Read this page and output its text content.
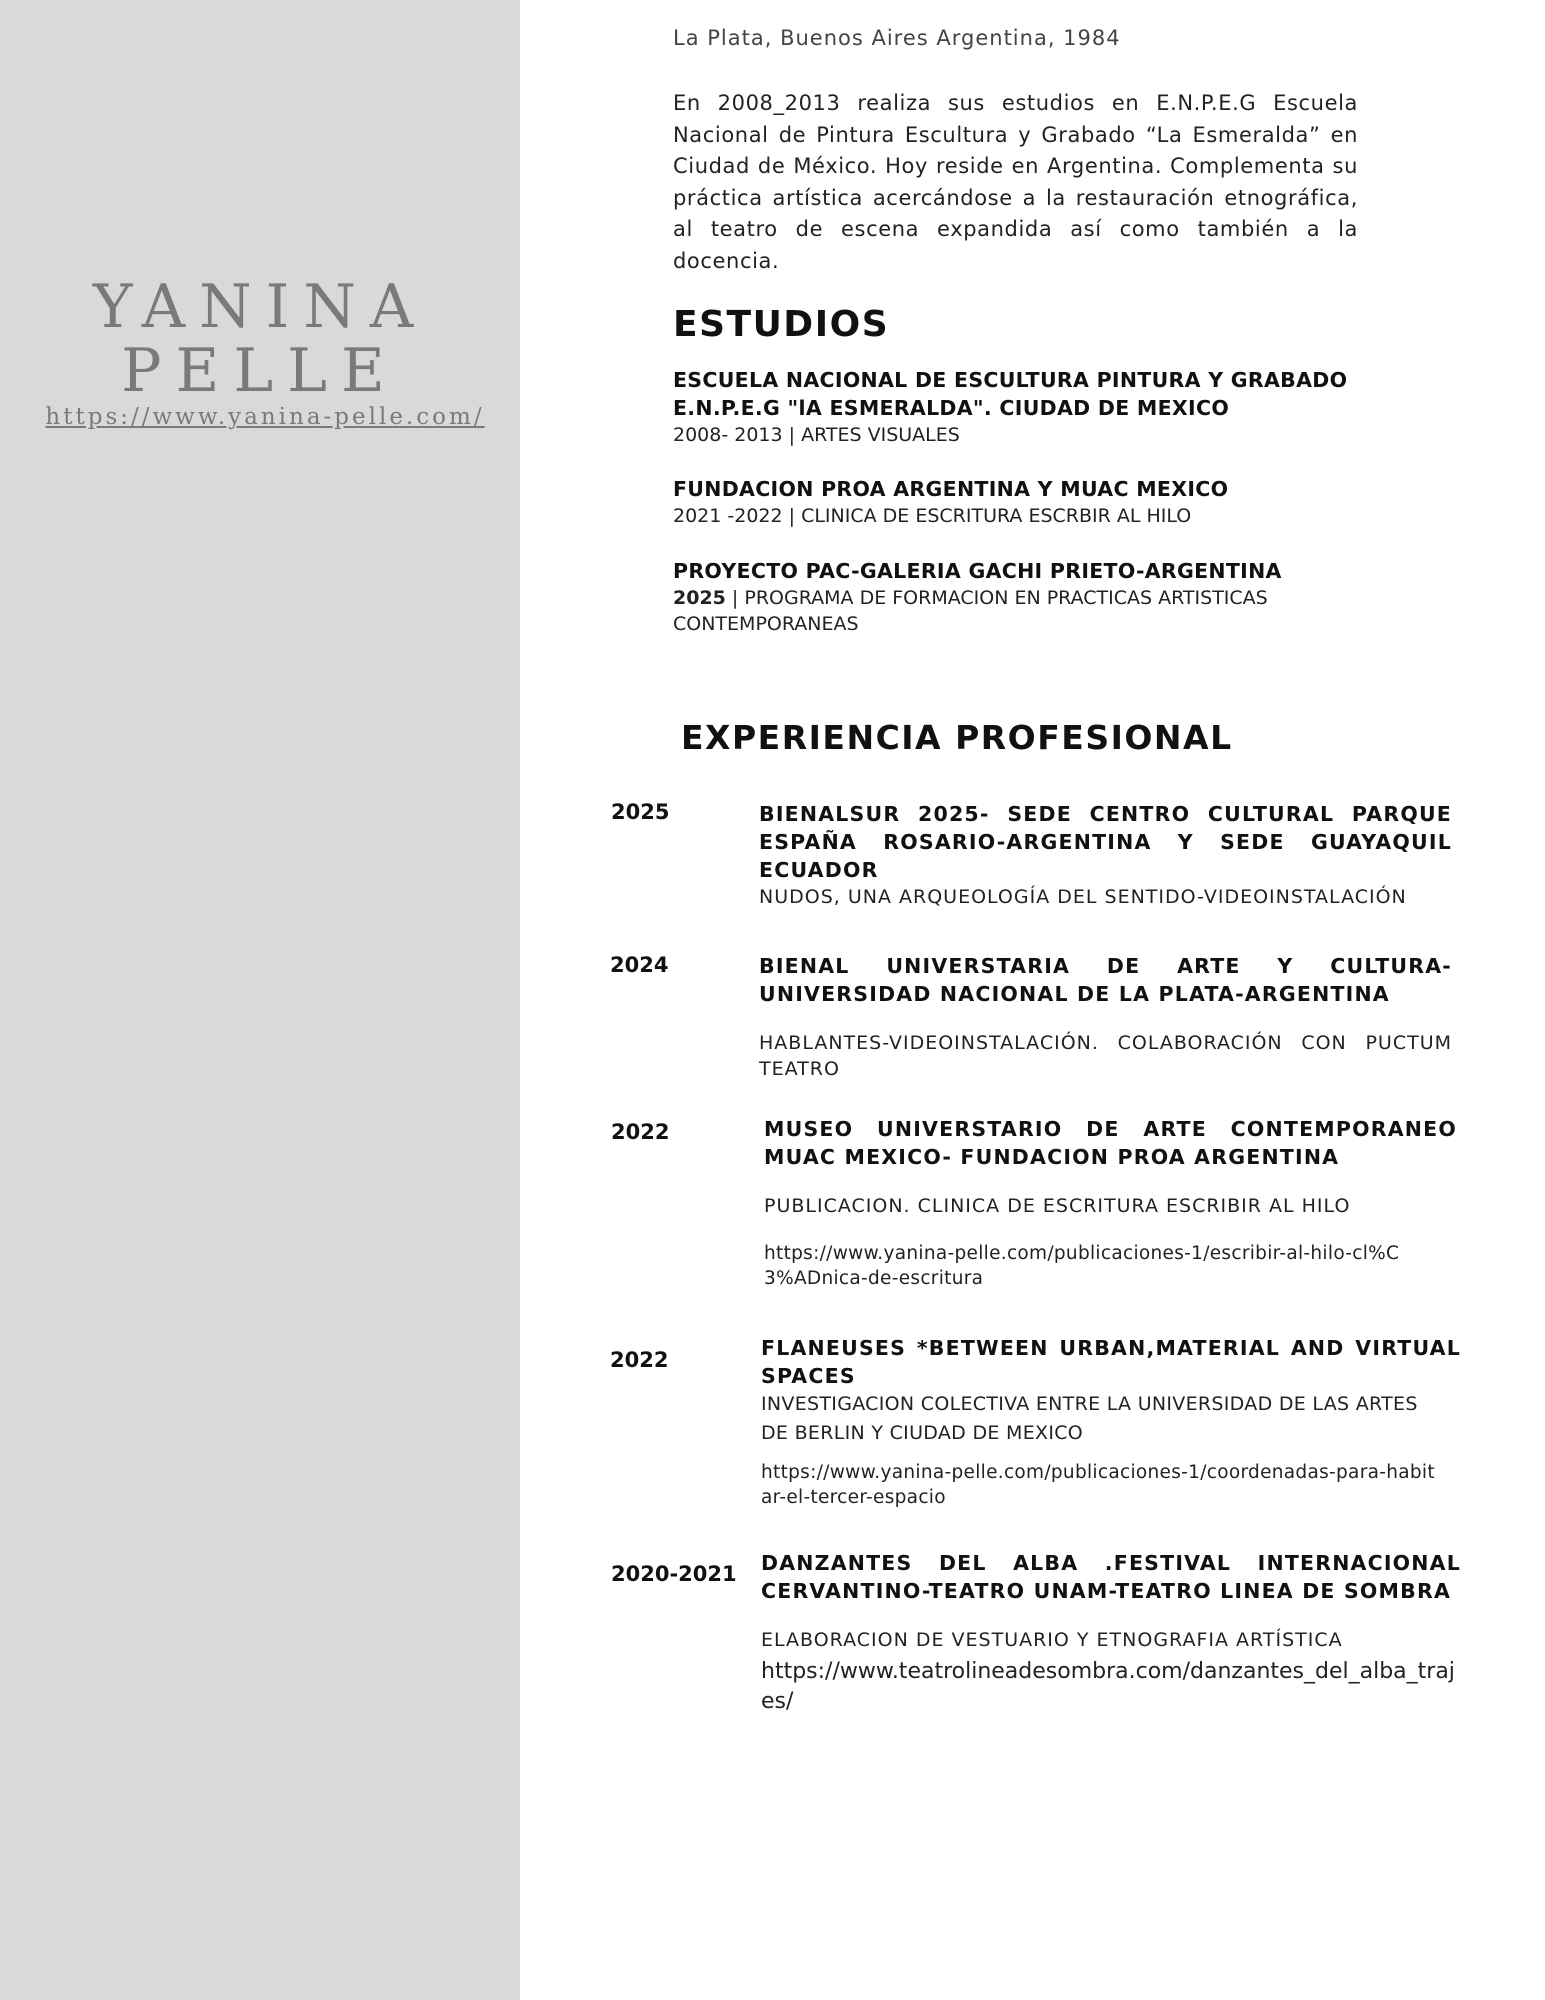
YANINA
PELLE
https://www.yanina-pelle.com/
La Plata, Buenos Aires Argentina, 1984
En 2008_2013 realiza sus estudios en E.N.P.E.G Escuela Nacional de Pintura Escultura y Grabado “La Esmeralda” en Ciudad de México. Hoy reside en Argentina. Complementa su práctica artística acercándose a la restauración etnográfica, al teatro de escena expandida así como también a la docencia.
ESTUDIOS
ESCUELA NACIONAL DE ESCULTURA PINTURA Y GRABADO E.N.P.E.G "lA ESMERALDA". CIUDAD DE MEXICO
2008- 2013 | ARTES VISUALES
FUNDACION PROA ARGENTINA Y MUAC MEXICO
2021 -2022 | CLINICA DE ESCRITURA ESCRBIR AL HILO
PROYECTO PAC-GALERIA GACHI PRIETO-ARGENTINA
2025 | PROGRAMA DE FORMACION EN PRACTICAS ARTISTICAS CONTEMPORANEAS
EXPERIENCIA PROFESIONAL
2025	BIENALSUR 2025- SEDE CENTRO CULTURAL PARQUE ESPAÑA ROSARIO-ARGENTINA Y SEDE GUAYAQUIL ECUADOR
NUDOS, UNA ARQUEOLOGÍA DEL SENTIDO-VIDEOINSTALACIÓN
2024	BIENAL UNIVERSTARIA DE ARTE Y CULTURA- UNIVERSIDAD NACIONAL DE LA PLATA-ARGENTINA
HABLANTES-VIDEOINSTALACIÓN. COLABORACIÓN CON PUCTUM TEATRO
2022	MUSEO UNIVERSTARIO DE ARTE CONTEMPORANEO MUAC MEXICO- FUNDACION PROA ARGENTINA
PUBLICACION. CLINICA DE ESCRITURA ESCRIBIR AL HILO
https://www.yanina-pelle.com/publicaciones-1/escribir-al-hilo-cl%C3%ADnica-de-escritura
2022	FLANEUSES *BETWEEN URBAN,MATERIAL AND VIRTUAL SPACES
INVESTIGACION COLECTIVA ENTRE LA UNIVERSIDAD DE LAS ARTES DE BERLIN Y CIUDAD DE MEXICO
https://www.yanina-pelle.com/publicaciones-1/coordenadas-para-habitar-el-tercer-espacio
2020-2021 DANZANTES DEL ALBA .FESTIVAL INTERNACIONAL CERVANTINO-TEATRO UNAM-TEATRO LINEA DE SOMBRA
ELABORACION DE VESTUARIO Y ETNOGRAFIA ARTÍSTICA
https://www.teatrolineadesombra.com/danzantes_del_alba_trajes/
